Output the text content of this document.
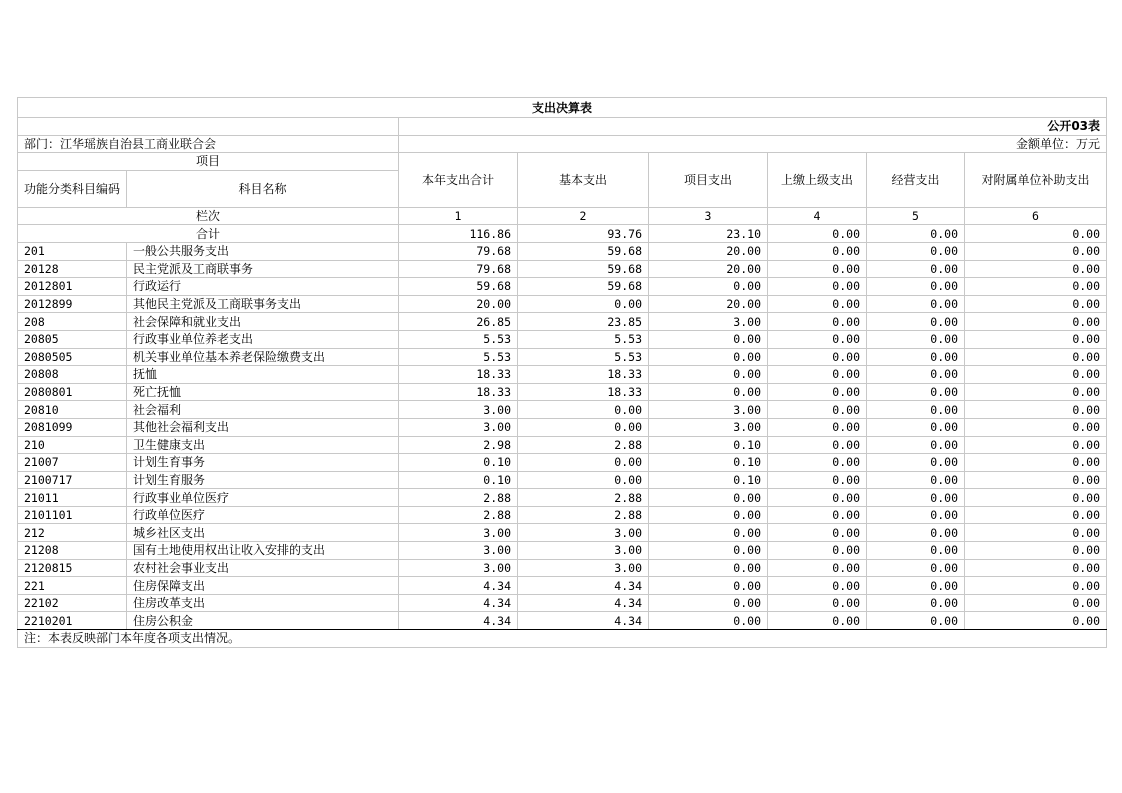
支出决算表							
		公开03表					
部门：江华瑶族自治县工商业联合会		金额单位：万元					
项目		本年支出合计	基本支出	项目支出	上缴上级支出	经营支出	对附属单位补助支出
功能分类科目编码	科目名称						
栏次		1	2	3	4	5	6
合计		116.86	93.76	23.10	0.00	0.00	0.00
201	一般公共服务支出	79.68	59.68	20.00	0.00	0.00	0.00
20128	民主党派及工商联事务	79.68	59.68	20.00	0.00	0.00	0.00
2012801	行政运行	59.68	59.68	0.00	0.00	0.00	0.00
2012899	其他民主党派及工商联事务支出	20.00	0.00	20.00	0.00	0.00	0.00
208	社会保障和就业支出	26.85	23.85	3.00	0.00	0.00	0.00
20805	行政事业单位养老支出	5.53	5.53	0.00	0.00	0.00	0.00
2080505	机关事业单位基本养老保险缴费支出	5.53	5.53	0.00	0.00	0.00	0.00
20808	抚恤	18.33	18.33	0.00	0.00	0.00	0.00
2080801	死亡抚恤	18.33	18.33	0.00	0.00	0.00	0.00
20810	社会福利	3.00	0.00	3.00	0.00	0.00	0.00
2081099	其他社会福利支出	3.00	0.00	3.00	0.00	0.00	0.00
210	卫生健康支出	2.98	2.88	0.10	0.00	0.00	0.00
21007	计划生育事务	0.10	0.00	0.10	0.00	0.00	0.00
2100717	计划生育服务	0.10	0.00	0.10	0.00	0.00	0.00
21011	行政事业单位医疗	2.88	2.88	0.00	0.00	0.00	0.00
2101101	行政单位医疗	2.88	2.88	0.00	0.00	0.00	0.00
212	城乡社区支出	3.00	3.00	0.00	0.00	0.00	0.00
21208	国有土地使用权出让收入安排的支出	3.00	3.00	0.00	0.00	0.00	0.00
2120815	农村社会事业支出	3.00	3.00	0.00	0.00	0.00	0.00
221	住房保障支出	4.34	4.34	0.00	0.00	0.00	0.00
22102	住房改革支出	4.34	4.34	0.00	0.00	0.00	0.00
2210201	住房公积金	4.34	4.34	0.00	0.00	0.00	0.00
注：本表反映部门本年度各项支出情况。							
